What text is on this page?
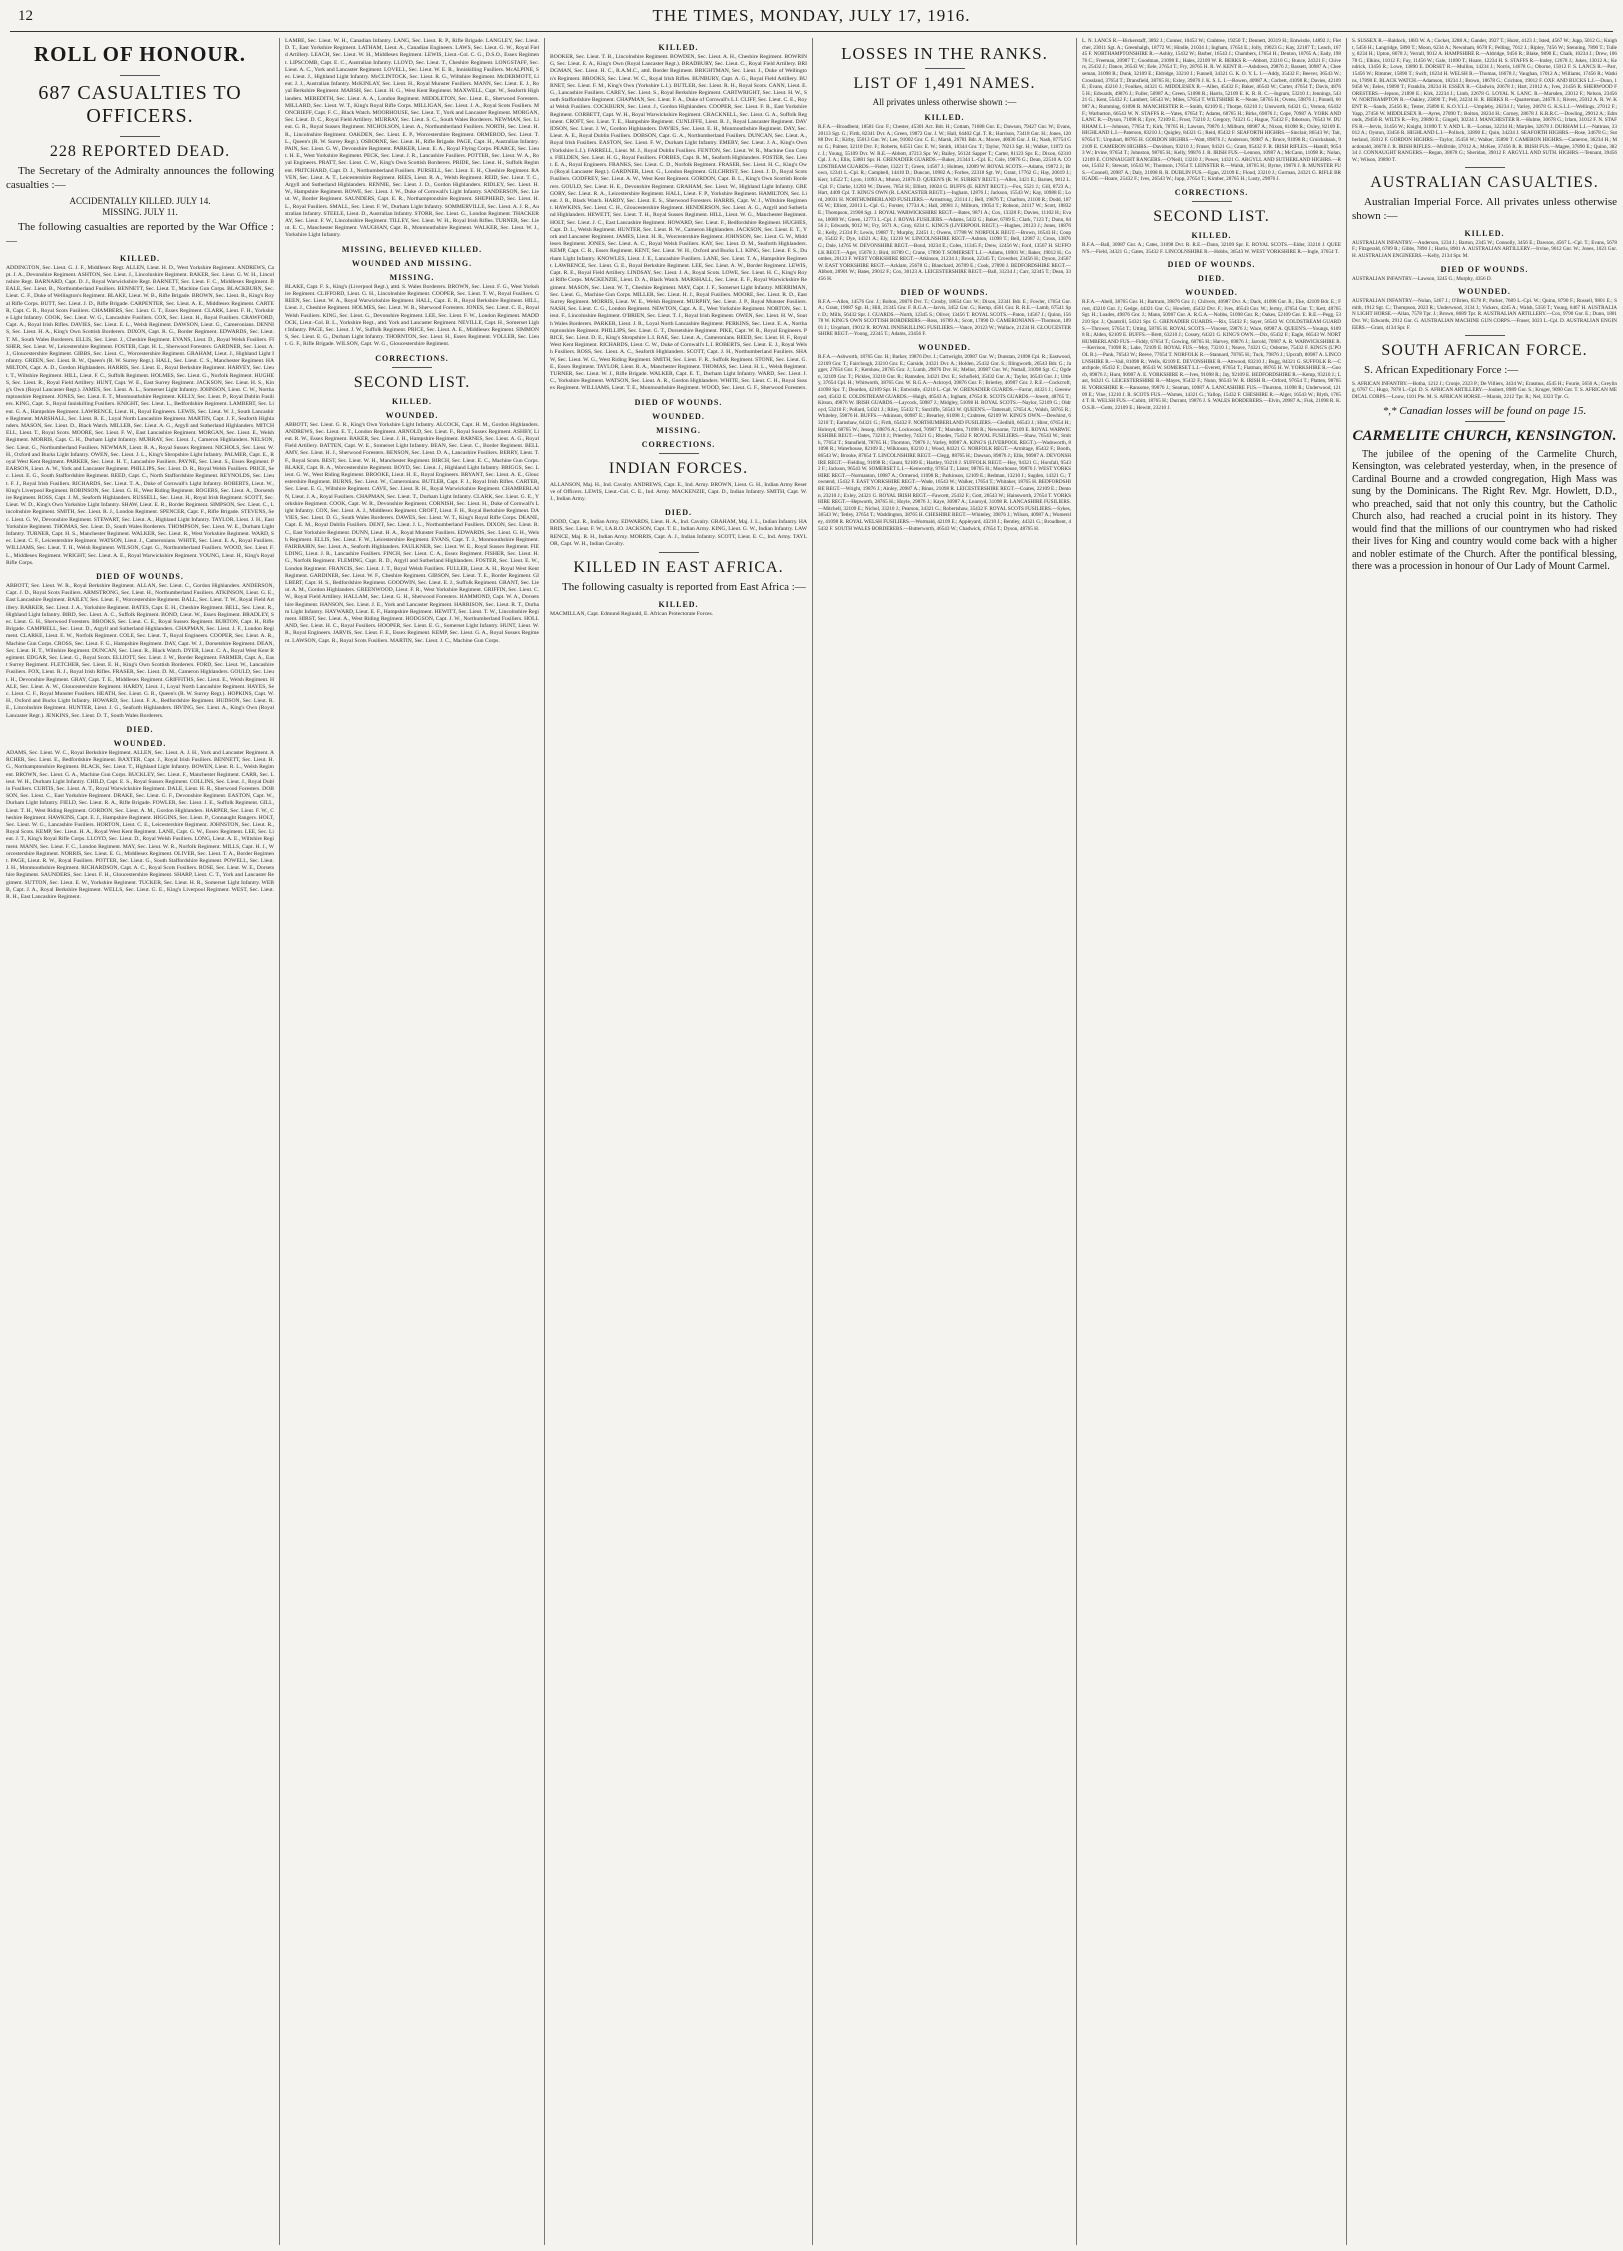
12	THE TIMES, MONDAY, JULY 17, 1916.
ROLL OF HONOUR.
687 CASUALTIES TO OFFICERS.
228 REPORTED DEAD.
The Secretary of the Admiralty announces the following casualties :—
ACCIDENTALLY KILLED. JULY 14.
MISSING. JULY 11.
The following casualties are reported by the War Office :—
KILLED.
ADDINGTON, Sec. Lieut. G. J. F., Middlesex Regt. ALLEN, Lieut. H. D., West Yorkshire Regiment. ANDREWS, Capt. J. A., Devonshire Regiment. ASHTON, Sec. Lieut. J., Lincolnshire Regiment. BAKER, Sec. Lieut. G. W. H., Lincolnshire Regt. BARNARD, Capt. D. J., Royal Warwickshire Regt. BARNETT, Sec. Lieut. F. C., Middlesex Regiment. BEALE, Sec. Lieut. B., Northumberland Fusiliers. BENNETT, Sec. Lieut. T., Machine Gun Corps. BLACKBURN, Sec. Lieut. C. F., Duke of Wellington's Regiment. BLAKE, Lieut. W. B., Rifle Brigade. BROWN, Sec. Lieut. R., King's Royal Rifle Corps. BUTT, Sec. Lieut. J. D., Rifle Brigade. CARPENTER, Sec. Lieut. A. E., Middlesex Regiment. CARTER, Capt. C. R., Royal Scots Fusiliers. CHAMBERS, Sec. Lieut. G. T., Essex Regiment. CLARK, Lieut. F. H., Yorkshire Light Infantry. COOK, Sec. Lieut. W. G., Lancashire Fusiliers. COX, Sec. Lieut. H., Royal Fusiliers. CRAWFORD, Capt. A., Royal Irish Rifles. DAVIES, Sec. Lieut. E. L., Welsh Regiment. DAWSON, Lieut. G., Cameronians. DENNIS, Sec. Lieut. H. A., King's Own Scottish Borderers. DIXON, Capt. R. G., Border Regiment. EDWARDS, Sec. Lieut. T. M., South Wales Borderers. ELLIS, Sec. Lieut. J., Cheshire Regiment. EVANS, Lieut. D., Royal Welsh Fusiliers. FISHER, Sec. Lieut. W., Leicestershire Regiment. FOSTER, Capt. H. L., Sherwood Foresters. GARDNER, Sec. Lieut. A. J., Gloucestershire Regiment. GIBBS, Sec. Lieut. C., Worcestershire Regiment. GRAHAM, Lieut. J., Highland Light Infantry. GREEN, Sec. Lieut. R. W., Queen's (R. W. Surrey Regt.). HALL, Sec. Lieut. C. S., Manchester Regiment. HAMILTON, Capt. A. D., Gordon Highlanders. HARRIS, Sec. Lieut. E., Royal Berkshire Regiment. HARVEY, Sec. Lieut. T., Wiltshire Regiment. HILL, Lieut. F. C., Suffolk Regiment. HOLMES, Sec. Lieut. G., Norfolk Regiment. HUGHES, Sec. Lieut. R., Royal Field Artillery. HUNT, Capt. W. E., East Surrey Regiment. JACKSON, Sec. Lieut. H. S., King's Own (Royal Lancaster Regt.). JAMES, Sec. Lieut. A. L., Somerset Light Infantry. JOHNSON, Lieut. C. W., Northamptonshire Regiment. JONES, Sec. Lieut. E. T., Monmouthshire Regiment. KELLY, Sec. Lieut. P., Royal Dublin Fusiliers. KING, Capt. S., Royal Inniskilling Fusiliers. KNIGHT, Sec. Lieut. L., Bedfordshire Regiment. LAMBERT, Sec. Lieut. G. A., Hampshire Regiment. LAWRENCE, Lieut. H., Royal Engineers. LEWIS, Sec. Lieut. W. J., South Lancashire Regiment. MARSHALL, Sec. Lieut. R. E., Loyal North Lancashire Regiment. MARTIN, Capt. J. F., Seaforth Highlanders. MASON, Sec. Lieut. D., Black Watch. MILLER, Sec. Lieut. A. G., Argyll and Sutherland Highlanders. MITCHELL, Lieut. T., Royal Scots. MOORE, Sec. Lieut. F. W., East Lancashire Regiment. MORGAN, Sec. Lieut. E., Welsh Regiment. MORRIS, Capt. C. H., Durham Light Infantry. MURRAY, Sec. Lieut. J., Cameron Highlanders. NELSON, Sec. Lieut. G., Northumberland Fusiliers. NEWMAN, Lieut. R. A., Royal Sussex Regiment. NICHOLS, Sec. Lieut. W. H., Oxford and Bucks Light Infantry. OWEN, Sec. Lieut. J. L., King's Shropshire Light Infantry. PALMER, Capt. E., Royal West Kent Regiment. PARKER, Sec. Lieut. H. T., Lancashire Fusiliers. PAYNE, Sec. Lieut. S., Essex Regiment. PEARSON, Lieut. A. W., York and Lancaster Regiment. PHILLIPS, Sec. Lieut. D. R., Royal Welsh Fusiliers. PRICE, Sec. Lieut. E. G., South Staffordshire Regiment. REED, Capt. C., North Staffordshire Regiment. REYNOLDS, Sec. Lieut. F. J., Royal Irish Fusiliers. RICHARDS, Sec. Lieut. T. A., Duke of Cornwall's Light Infantry. ROBERTS, Lieut. W., King's Liverpool Regiment. ROBINSON, Sec. Lieut. G. H., West Riding Regiment. ROGERS, Sec. Lieut. A., Dorsetshire Regiment. ROSS, Capt. J. M., Seaforth Highlanders. RUSSELL, Sec. Lieut. H., Royal Irish Regiment. SCOTT, Sec. Lieut. W. D., King's Own Yorkshire Light Infantry. SHAW, Lieut. E. R., Border Regiment. SIMPSON, Sec. Lieut. C., Lincolnshire Regiment. SMITH, Sec. Lieut. R. J., London Regiment. SPENCER, Capt. F., Rifle Brigade. STEVENS, Sec. Lieut. G. W., Devonshire Regiment. STEWART, Sec. Lieut. A., Highland Light Infantry. TAYLOR, Lieut. J. H., East Yorkshire Regiment. THOMAS, Sec. Lieut. D., South Wales Borderers. THOMPSON, Sec. Lieut. W. E., Durham Light Infantry. TURNER, Capt. H. S., Manchester Regiment. WALKER, Sec. Lieut. R., West Yorkshire Regiment. WARD, Sec. Lieut. C. F., Leicestershire Regiment. WATSON, Lieut. J., Cameronians. WHITE, Sec. Lieut. E. A., Royal Fusiliers. WILLIAMS, Sec. Lieut. T. H., Welsh Regiment. WILSON, Capt. G., Northumberland Fusiliers. WOOD, Sec. Lieut. F. L., Middlesex Regiment. WRIGHT, Sec. Lieut. A. E., Royal Warwickshire Regiment. YOUNG, Lieut. H., King's Royal Rifle Corps.
DIED OF WOUNDS.
ABBOTT, Sec. Lieut. W. R., Royal Berkshire Regiment. ALLAN, Sec. Lieut. C., Gordon Highlanders. ANDERSON, Capt. J. D., Royal Scots Fusiliers. ARMSTRONG, Sec. Lieut. H., Northumberland Fusiliers. ATKINSON, Lieut. G. E., East Lancashire Regiment. BAILEY, Sec. Lieut. F., Worcestershire Regiment. BALL, Sec. Lieut. T. W., Royal Field Artillery. BARKER, Sec. Lieut. J. A., Yorkshire Regiment. BATES, Capt. E. H., Cheshire Regiment. BELL, Sec. Lieut. R., Highland Light Infantry. BIRD, Sec. Lieut. A. C., Suffolk Regiment. BOND, Lieut. W., Essex Regiment. BRADLEY, Sec. Lieut. G. H., Sherwood Foresters. BROOKS, Sec. Lieut. C. E., Royal Sussex Regiment. BURTON, Capt. H., Rifle Brigade. CAMPBELL, Sec. Lieut. D., Argyll and Sutherland Highlanders. CHAPMAN, Sec. Lieut. J. F., London Regiment. CLARKE, Lieut. E. W., Norfolk Regiment. COLE, Sec. Lieut. T., Royal Engineers. COOPER, Sec. Lieut. A. R., Machine Gun Corps. CROSS, Sec. Lieut. F. G., Hampshire Regiment. DAY, Capt. W. J., Dorsetshire Regiment. DEAN, Sec. Lieut. H. T., Wiltshire Regiment. DUNCAN, Sec. Lieut. R., Black Watch. DYER, Lieut. C. A., Royal West Kent Regiment. EDGAR, Sec. Lieut. G., Royal Scots. ELLIOTT, Sec. Lieut. J. W., Border Regiment. FARMER, Capt. A., East Surrey Regiment. FLETCHER, Sec. Lieut. E. H., King's Own Scottish Borderers. FORD, Sec. Lieut. W., Lancashire Fusiliers. FOX, Lieut. R. J., Royal Irish Rifles. FRASER, Sec. Lieut. D. M., Cameron Highlanders. GOULD, Sec. Lieut. H., Devonshire Regiment. GRAY, Capt. T. E., Middlesex Regiment. GRIFFITHS, Sec. Lieut. E., Welsh Regiment. HALE, Sec. Lieut. A. W., Gloucestershire Regiment. HARDY, Lieut. J., Loyal North Lancashire Regiment. HAYES, Sec. Lieut. C. F., Royal Munster Fusiliers. HEATH, Sec. Lieut. G. R., Queen's (R. W. Surrey Regt.). HOPKINS, Capt. W. H., Oxford and Bucks Light Infantry. HOWARD, Sec. Lieut. F. A., Bedfordshire Regiment. HUDSON, Sec. Lieut. R. E., Lincolnshire Regiment. HUNTER, Lieut. J. G., Seaforth Highlanders. IRVING, Sec. Lieut. A., King's Own (Royal Lancaster Regt.). JENKINS, Sec. Lieut. D. T., South Wales Borderers.
DIED.
WOUNDED.
ADAMS, Sec. Lieut. W. C., Royal Berkshire Regiment. ALLEN, Sec. Lieut. A. J. H., York and Lancaster Regiment. ARCHER, Sec. Lieut. E., Bedfordshire Regiment. BAXTER, Capt. J., Royal Irish Fusiliers. BENNETT, Sec. Lieut. H. G., Northamptonshire Regiment. BLACK, Sec. Lieut. T., Highland Light Infantry. BOWEN, Lieut. R. L., Welsh Regiment. BROWN, Sec. Lieut. G. A., Machine Gun Corps. BUCKLEY, Sec. Lieut. F., Manchester Regiment. CARR, Sec. Lieut. W. H., Durham Light Infantry. CHILD, Capt. E. S., Royal Sussex Regiment. COLLINS, Sec. Lieut. J., Royal Dublin Fusiliers. CURTIS, Sec. Lieut. A. T., Royal Warwickshire Regiment. DALE, Lieut. H. R., Sherwood Foresters. DOBSON, Sec. Lieut. C., East Yorkshire Regiment. DRAKE, Sec. Lieut. G. F., Devonshire Regiment. EASTON, Capt. W., Durham Light Infantry. FIELD, Sec. Lieut. R. A., Rifle Brigade. FOWLER, Sec. Lieut. J. E., Suffolk Regiment. GILL, Lieut. T. H., West Riding Regiment. GORDON, Sec. Lieut. A. M., Gordon Highlanders. HARPER, Sec. Lieut. F. W., Cheshire Regiment. HAWKINS, Capt. E. J., Hampshire Regiment. HIGGINS, Sec. Lieut. P., Connaught Rangers. HOLT, Sec. Lieut. W. G., Lancashire Fusiliers. HORTON, Lieut. C. E., Leicestershire Regiment. JOHNSTON, Sec. Lieut. R., Royal Scots. KEMP, Sec. Lieut. H. A., Royal West Kent Regiment. LANE, Capt. G. W., Essex Regiment. LEE, Sec. Lieut. J. T., King's Royal Rifle Corps. LLOYD, Sec. Lieut. D., Royal Welsh Fusiliers. LONG, Lieut. A. E., Wiltshire Regiment. MANN, Sec. Lieut. F. C., London Regiment. MAY, Sec. Lieut. W. R., Norfolk Regiment. MILLS, Capt. H. J., Worcestershire Regiment. NORRIS, Sec. Lieut. E. G., Middlesex Regiment. OLIVER, Sec. Lieut. T. A., Border Regiment. PAGE, Lieut. R. W., Royal Fusiliers. POTTER, Sec. Lieut. G., South Staffordshire Regiment. POWELL, Sec. Lieut. J. H., Monmouthshire Regiment. RICHARDSON, Capt. A. C., Royal Scots Fusiliers. ROSE, Sec. Lieut. W. E., Dorsetshire Regiment. SAUNDERS, Sec. Lieut. F. H., Gloucestershire Regiment. SHARP, Lieut. C. T., York and Lancaster Regiment. SUTTON, Sec. Lieut. E. W., Yorkshire Regiment. TUCKER, Sec. Lieut. H. R., Somerset Light Infantry. WEBB, Capt. J. A., Royal Berkshire Regiment. WELLS, Sec. Lieut. G. E., King's Liverpool Regiment. WEST, Sec. Lieut. R. H., East Lancashire Regiment.
LAMBE, Sec. Lieut. W. H., Canadian Infantry. LANG, Sec. Lieut. R. P., Rifle Brigade. LANGLEY, Sec. Lieut. D. T., East Yorkshire Regiment. LATHAM, Lieut. A., Canadian Engineers. LAWS, Sec. Lieut. G. W., Royal Field Artillery. LEACH, Sec. Lieut. W. H., Middlesex Regiment. LEWIS, Lieut.-Col. C. G., D.S.O., Essex Regiment. LIPSCOMB, Capt. E. C., Australian Infantry. LLOYD, Sec. Lieut. T., Cheshire Regiment. LONGSTAFF, Sec. Lieut. A. C., York and Lancaster Regiment. LOVELL, Sec. Lieut. W. E. R., Inniskilling Fusiliers. McALPINE, Sec. Lieut. J., Highland Light Infantry. McCLINTOCK, Sec. Lieut. R. G., Wiltshire Regiment. McDERMOTT, Lieut. J. J., Australian Infantry. McKINLAY, Sec. Lieut. H., Royal Munster Fusiliers. MANN, Sec. Lieut. E. J., Royal Berkshire Regiment. MARSH, Sec. Lieut. H. G., West Kent Regiment. MAXWELL, Capt. W., Seaforth Highlanders. MEREDITH, Sec. Lieut. A. A., London Regiment. MIDDLETON, Sec. Lieut. E., Sherwood Foresters. MILLARD, Sec. Lieut. W. T., King's Royal Rifle Corps. MILLIGAN, Sec. Lieut. J. A., Royal Scots Fusiliers. MONCRIEFF, Capt. F. C., Black Watch. MOORHOUSE, Sec. Lieut. T., York and Lancaster Regiment. MORGAN, Sec. Lieut. D. C., Royal Field Artillery. MURRAY, Sec. Lieut. S. C., South Wales Borderers. NEWMAN, Sec. Lieut. G. R., Royal Sussex Regiment. NICHOLSON, Lieut. A., Northumberland Fusiliers. NORTH, Sec. Lieut. H. R., Lincolnshire Regiment. OAKDEN, Sec. Lieut. E. P., Worcestershire Regiment. ORMEROD, Sec. Lieut. T. L., Queen's (R. W. Surrey Regt.). OSBORNE, Sec. Lieut. H., Rifle Brigade. PAGE, Capt. H., Australian Infantry. PAIN, Sec. Lieut. G. W., Devonshire Regiment. PARKER, Lieut. E. A., Royal Flying Corps. PEARCE, Sec. Lieut. H. E., West Yorkshire Regiment. PECK, Sec. Lieut. J. R., Lancashire Fusiliers. POTTER, Sec. Lieut. W. A., Royal Engineers. PRATT, Sec. Lieut. C. W., King's Own Scottish Borderers. PRIDE, Sec. Lieut. H., Suffolk Regiment. PRITCHARD, Capt. D. J., Northumberland Fusiliers. PURSELL, Sec. Lieut. E. H., Cheshire Regiment. RAVEN, Sec. Lieut. A. T., Leicestershire Regiment. REES, Lieut. R. A., Welsh Regiment. REID, Sec. Lieut. T. C., Argyll and Sutherland Highlanders. RENNIE, Sec. Lieut. J. D., Gordon Highlanders. RIDLEY, Sec. Lieut. H. W., Hampshire Regiment. ROWE, Sec. Lieut. J. W., Duke of Cornwall's Light Infantry. SANDERSON, Sec. Lieut. W., Border Regiment. SAUNDERS, Capt. E. R., Northamptonshire Regiment. SHEPHERD, Sec. Lieut. H. L., Royal Fusiliers. SMALL, Sec. Lieut. F. W., Durham Light Infantry. SOMMERVILLE, Sec. Lieut. A. J. R., Australian Infantry. STEELE, Lieut. D., Australian Infantry. STORR, Sec. Lieut. G., London Regiment. THACKERAY, Sec. Lieut. F. W., Lincolnshire Regiment. TILLEY, Sec. Lieut. W. H., Royal Irish Rifles. TURNER, Sec. Lieut. E. C., Manchester Regiment. VAUGHAN, Capt. R., Monmouthshire Regiment. WALKER, Sec. Lieut. W. J., Yorkshire Light Infantry.
MISSING, BELIEVED KILLED.
WOUNDED AND MISSING.
MISSING.
BLAKE, Capt. F. S., King's (Liverpool Regt.), attd. S. Wales Borderers. BROWN, Sec. Lieut. F. G., West Yorkshire Regiment. CLIFFORD, Lieut. G. H., Lincolnshire Regiment. COOPER, Sec. Lieut. T. W., Royal Fusiliers. GREEN, Sec. Lieut. W. A., Royal Warwickshire Regiment. HALL, Capt. E. R., Royal Berkshire Regiment. HILL, Lieut. J., Cheshire Regiment. HOLMES, Sec. Lieut. W. R., Sherwood Foresters. JONES, Sec. Lieut. C. E., Royal Welsh Fusiliers. KING, Sec. Lieut. G., Devonshire Regiment. LEE, Sec. Lieut. F. W., London Regiment. MADDOCK, Lieut.-Col. B. L., Yorkshire Regt., attd. York and Lancaster Regiment. NEVILLE, Capt. H., Somerset Light Infantry. PAGE, Sec. Lieut. J. W., Suffolk Regiment. PRICE, Sec. Lieut. A. E., Middlesex Regiment. SIMMONS, Sec. Lieut. E. G., Durham Light Infantry. THORNTON, Sec. Lieut. H., Essex Regiment. VOLLER, Sec. Lieut. G. F., Rifle Brigade. WILSON, Capt. W. G., Gloucestershire Regiment.
CORRECTIONS.
SECOND LIST.
KILLED.
WOUNDED.
ABBOTT, Sec. Lieut. G. R., King's Own Yorkshire Light Infantry. ALCOCK, Capt. H. M., Gordon Highlanders. ANDREWS, Sec. Lieut. E. T., London Regiment. ARNOLD, Sec. Lieut. F., Royal Sussex Regiment. ASHBY, Lieut. R. W., Essex Regiment. BAKER, Sec. Lieut. J. H., Hampshire Regiment. BARNES, Sec. Lieut. A. G., Royal Field Artillery. BATTEN, Capt. W. E., Somerset Light Infantry. BEAN, Sec. Lieut. C., Border Regiment. BELLAMY, Sec. Lieut. H. J., Sherwood Foresters. BENSON, Sec. Lieut. D. A., Lancashire Fusiliers. BERRY, Lieut. T. F., Royal Scots. BEST, Sec. Lieut. W. H., Manchester Regiment. BIRCH, Sec. Lieut. E. C., Machine Gun Corps. BLAKE, Capt. R. A., Worcestershire Regiment. BOYD, Sec. Lieut. J., Highland Light Infantry. BRIGGS, Sec. Lieut. G. W., West Riding Regiment. BROOKE, Lieut. H. E., Royal Engineers. BRYANT, Sec. Lieut. A. E., Gloucestershire Regiment. BURNS, Sec. Lieut. W., Cameronians. BUTLER, Capt. F. J., Royal Irish Rifles. CARTER, Sec. Lieut. E. G., Wiltshire Regiment. CAVE, Sec. Lieut. R. H., Royal Warwickshire Regiment. CHAMBERLAIN, Lieut. J. A., Royal Fusiliers. CHAPMAN, Sec. Lieut. T., Durham Light Infantry. CLARK, Sec. Lieut. G. E., Yorkshire Regiment. COOK, Capt. W. R., Devonshire Regiment. CORNISH, Sec. Lieut. H., Duke of Cornwall's Light Infantry. COX, Sec. Lieut. A. J., Middlesex Regiment. CROFT, Lieut. F. H., Royal Berkshire Regiment. DAVIES, Sec. Lieut. D. G., South Wales Borderers. DAWES, Sec. Lieut. W. T., King's Royal Rifle Corps. DEANE, Capt. E. M., Royal Dublin Fusiliers. DENT, Sec. Lieut. J. L., Northumberland Fusiliers. DIXON, Sec. Lieut. R. C., East Yorkshire Regiment. DUNN, Lieut. H. A., Royal Munster Fusiliers. EDWARDS, Sec. Lieut. G. H., Welsh Regiment. ELLIS, Sec. Lieut. F. W., Leicestershire Regiment. EVANS, Capt. T. J., Monmouthshire Regiment. FAIRBAIRN, Sec. Lieut. A., Seaforth Highlanders. FAULKNER, Sec. Lieut. W. E., Royal Sussex Regiment. FIELDING, Lieut. J. R., Lancashire Fusiliers. FINCH, Sec. Lieut. C. A., Essex Regiment. FISHER, Sec. Lieut. H. G., Norfolk Regiment. FLEMING, Capt. R. D., Argyll and Sutherland Highlanders. FOSTER, Sec. Lieut. E. W., London Regiment. FRANCIS, Sec. Lieut. J. T., Royal Welsh Fusiliers. FULLER, Lieut. A. H., Royal West Kent Regiment. GARDINER, Sec. Lieut. W. F., Cheshire Regiment. GIBSON, Sec. Lieut. T. E., Border Regiment. GILBERT, Capt. H. S., Bedfordshire Regiment. GOODWIN, Sec. Lieut. E. J., Suffolk Regiment. GRANT, Sec. Lieut. A. M., Gordon Highlanders. GREENWOOD, Lieut. F. R., West Yorkshire Regiment. GRIFFIN, Sec. Lieut. C. W., Royal Field Artillery. HALLAM, Sec. Lieut. G. H., Sherwood Foresters. HAMMOND, Capt. W. A., Dorsetshire Regiment. HANSON, Sec. Lieut. J. E., York and Lancaster Regiment. HARRISON, Sec. Lieut. R. T., Durham Light Infantry. HAYWARD, Lieut. E. F., Hampshire Regiment. HEWITT, Sec. Lieut. T. W., Lincolnshire Regiment. HIRST, Sec. Lieut. A., West Riding Regiment. HODGSON, Capt. J. W., Northumberland Fusiliers. HOLLAND, Sec. Lieut. H. C., Royal Fusiliers. HOOPER, Sec. Lieut. E. G., Somerset Light Infantry. HUNT, Lieut. W. R., Royal Engineers. JARVIS, Sec. Lieut. F. E., Essex Regiment. KEMP, Sec. Lieut. G. A., Royal Sussex Regiment. LAWSON, Capt. R., Royal Scots Fusiliers. MARTIN, Sec. Lieut. J. C., Machine Gun Corps.
KILLED.
BOOKER, Sec. Lieut. T. B., Lincolnshire Regiment. BOWDEN, Sec. Lieut. A. H., Cheshire Regiment. BOWRING, Sec. Lieut. E. A., King's Own (Royal Lancaster Regt.). BRADBURY, Sec. Lieut. C., Royal Field Artillery. BRIDGMAN, Sec. Lieut. H. C., R.A.M.C., attd. Border Regiment. BRIGHTMAN, Sec. Lieut. J., Duke of Wellington's Regiment. BROOKS, Sec. Lieut. W. C., Royal Irish Rifles. BUNBURY, Capt. A. G., Royal Field Artillery. BURNET, Sec. Lieut. F. M., King's Own (Yorkshire L.I.). BUTLER, Sec. Lieut. R. H., Royal Scots. CANN, Lieut. E. G., Lancashire Fusiliers. CAREY, Sec. Lieut. S., Royal Berkshire Regiment. CARTWRIGHT, Sec. Lieut. H. W., South Staffordshire Regiment. CHAPMAN, Sec. Lieut. F. A., Duke of Cornwall's L.I. CLIFF, Sec. Lieut. C. E., Royal Welsh Fusiliers. COCKBURN, Sec. Lieut. J., Gordon Highlanders. COOPER, Sec. Lieut. F. R., East Yorkshire Regiment. CORBETT, Capt. W. H., Royal Warwickshire Regiment. CRACKNELL, Sec. Lieut. G. A., Suffolk Regiment. CROFT, Sec. Lieut. T. E., Hampshire Regiment. CUNLIFFE, Lieut. R. J., Royal Lancaster Regiment. DAVIDSON, Sec. Lieut. J. W., Gordon Highlanders. DAVIES, Sec. Lieut. E. H., Monmouthshire Regiment. DAY, Sec. Lieut. A. E., Royal Dublin Fusiliers. DOBSON, Capt. G. A., Northumberland Fusiliers. DUNCAN, Sec. Lieut. A., Royal Irish Fusiliers. EASTON, Sec. Lieut. F. W., Durham Light Infantry. EMERY, Sec. Lieut. J. A., King's Own (Yorkshire L.I.). FARRELL, Lieut. M. J., Royal Dublin Fusiliers. FENTON, Sec. Lieut. W. R., Machine Gun Corps. FIELDEN, Sec. Lieut. H. G., Royal Fusiliers. FORBES, Capt. R. M., Seaforth Highlanders. FOSTER, Sec. Lieut. E. A., Royal Engineers. FRANKS, Sec. Lieut. C. D., Norfolk Regiment. FRASER, Sec. Lieut. H. C., King's Own (Royal Lancaster Regt.). GARDNER, Lieut. G., London Regiment. GILCHRIST, Sec. Lieut. J. D., Royal Scots Fusiliers. GODFREY, Sec. Lieut. A. W., West Kent Regiment. GORDON, Capt. B. L., King's Own Scottish Borderers. GOULD, Sec. Lieut. H. E., Devonshire Regiment. GRAHAM, Sec. Lieut. W., Highland Light Infantry. GREGORY, Sec. Lieut. R. A., Leicestershire Regiment. HALL, Lieut. F. P., Yorkshire Regiment. HAMILTON, Sec. Lieut. J. R., Black Watch. HARDY, Sec. Lieut. E. S., Sherwood Foresters. HARRIS, Capt. W. J., Wiltshire Regiment. HAWKINS, Sec. Lieut. C. H., Gloucestershire Regiment. HENDERSON, Sec. Lieut. A. G., Argyll and Sutherland Highlanders. HEWETT, Sec. Lieut. T. H., Royal Sussex Regiment. HILL, Lieut. W. G., Manchester Regiment. HOLT, Sec. Lieut. J. C., East Lancashire Regiment. HOWARD, Sec. Lieut. F., Bedfordshire Regiment. HUGHES, Capt. D. L., Welsh Regiment. HUNTER, Sec. Lieut. R. W., Cameron Highlanders. JACKSON, Sec. Lieut. E. T., York and Lancaster Regiment. JAMES, Lieut. H. R., Worcestershire Regiment. JOHNSON, Sec. Lieut. G. W., Middlesex Regiment. JONES, Sec. Lieut. A. C., Royal Welsh Fusiliers. KAY, Sec. Lieut. D. M., Seaforth Highlanders. KEMP, Capt. C. R., Essex Regiment. KENT, Sec. Lieut. W. H., Oxford and Bucks L.I. KING, Sec. Lieut. F. S., Durham Light Infantry. KNOWLES, Lieut. J. E., Lancashire Fusiliers. LANE, Sec. Lieut. T. A., Hampshire Regiment. LAWRENCE, Sec. Lieut. G. E., Royal Berkshire Regiment. LEE, Sec. Lieut. A. W., Border Regiment. LEWIS, Capt. R. E., Royal Field Artillery. LINDSAY, Sec. Lieut. J. A., Royal Scots. LOWE, Sec. Lieut. H. C., King's Royal Rifle Corps. MACKENZIE, Lieut. D. A., Black Watch. MARSHALL, Sec. Lieut. E. F., Royal Warwickshire Regiment. MASON, Sec. Lieut. W. T., Cheshire Regiment. MAY, Capt. J. F., Somerset Light Infantry. MERRIMAN, Sec. Lieut. G., Machine Gun Corps. MILLER, Sec. Lieut. H. J., Royal Fusiliers. MOORE, Sec. Lieut. R. D., East Surrey Regiment. MORRIS, Lieut. W. E., Welsh Regiment. MURPHY, Sec. Lieut. J. P., Royal Munster Fusiliers. NASH, Sec. Lieut. C. G., London Regiment. NEWTON, Capt. A. E., West Yorkshire Regiment. NORTON, Sec. Lieut. F., Lincolnshire Regiment. O'BRIEN, Sec. Lieut. T. J., Royal Irish Regiment. OWEN, Sec. Lieut. H. W., South Wales Borderers. PARKER, Lieut. J. R., Loyal North Lancashire Regiment. PERKINS, Sec. Lieut. E. A., Northamptonshire Regiment. PHILLIPS, Sec. Lieut. G. T., Dorsetshire Regiment. PIKE, Capt. W. R., Royal Engineers. PRICE, Sec. Lieut. D. E., King's Shropshire L.I. RAE, Sec. Lieut. A., Cameronians. REED, Sec. Lieut. H. F., Royal West Kent Regiment. RICHARDS, Lieut. C. W., Duke of Cornwall's L.I. ROBERTS, Sec. Lieut. E. J., Royal Welsh Fusiliers. ROSS, Sec. Lieut. A. C., Seaforth Highlanders. SCOTT, Capt. J. H., Northumberland Fusiliers. SHAW, Sec. Lieut. W. G., West Riding Regiment. SMITH, Sec. Lieut. F. R., Suffolk Regiment. STONE, Sec. Lieut. G. E., Essex Regiment. TAYLOR, Lieut. R. A., Manchester Regiment. THOMAS, Sec. Lieut. H. L., Welsh Regiment. TURNER, Sec. Lieut. W. J., Rifle Brigade. WALKER, Capt. E. T., Durham Light Infantry. WARD, Sec. Lieut. J. C., Yorkshire Regiment. WATSON, Sec. Lieut. A. R., Gordon Highlanders. WHITE, Sec. Lieut. C. H., Royal Sussex Regiment. WILLIAMS, Lieut. T. E., Monmouthshire Regiment. WOOD, Sec. Lieut. G. F., Sherwood Foresters.
DIED OF WOUNDS.
WOUNDED.
MISSING.
CORRECTIONS.
INDIAN FORCES.
ALLANSON, Maj. H., Ind. Cavalry. ANDREWS, Capt. E., Ind. Army. BROWN, Lieut. G. H., Indian Army Reserve of Officers. LEWIS, Lieut.-Col. C. E., Ind. Army. MACKENZIE, Capt. D., Indian Infantry. SMITH, Capt. W. J., Indian Army.
DIED.
DODD, Capt. R., Indian Army. EDWARDS, Lieut. H. A., Ind. Cavalry. GRAHAM, Maj. J. L., Indian Infantry. HARRIS, Sec. Lieut. F. W., I.A.R.O. JACKSON, Capt. T. E., Indian Army. KING, Lieut. G. W., Indian Infantry. LAWRENCE, Maj. R. H., Indian Army. MORRIS, Capt. A. J., Indian Infantry. SCOTT, Lieut. E. C., Ind. Army. TAYLOR, Capt. W. H., Indian Cavalry.
KILLED IN EAST AFRICA.
The following casualty is reported from East Africa :—
KILLED.
MACMILLAN, Capt. Edmund Reginald, E. African Protectorate Forces.
LOSSES IN THE RANKS.
LIST OF 1,491 NAMES.
All privates unless otherwise shown :—
KILLED.
R.F.A.—Broadbent, 18581 Gnr. F.; Chester, 45301 Act. Bdr. H.; Cottam, 71688 Gnr. E.; Dawson, 79427 Gnr. W.; Evans, 20113 Sgt. G.; Firth, 82341 Dvr. A.; Green, 19872 Gnr. J. W.; Hall, 64402 Cpl. T. R.; Harrison, 73418 Gnr. H.; Jones, 12088 Dvr. E.; Kirby, 55013 Gnr. W.; Lee, 91002 Gnr. C. E.; Marsh, 26781 Bdr. A.; Moore, 40036 Gnr. J. H.; Nash, 87754 Gnr. G.; Palmer, 32110 Dvr. F.; Roberts, 64551 Gnr. E. W.; Smith, 18344 Gnr. T.; Taylor, 70213 Sgt. H.; Walker, 11872 Gnr. J.; Young, 55109 Dvr. W. R.E.—Abbott, 47213 Spr. W.; Bailey, 56124 Sapper T.; Carter, 81123 Spr. E.; Dixon, 62310 Cpl. J. A.; Ellis, 53881 Spr. H. GRENADIER GUARDS.—Baker, 21344 L.-Cpl. E.; Cole, 19876 G.; Dean, 22510 A. COLDSTREAM GUARDS.—Fisher, 13221 T.; Green, 14567 J.; Holmes, 12009 W. ROYAL SCOTS.—Adams, 19872 J.; Brown, 12341 L.-Cpl. R.; Campbell, 14410 D.; Duncan, 10982 A.; Forbes, 22318 Sgt. W.; Grant, 17762 G.; Hay, 20019 J.; Kerr, 14522 T.; Lyon, 11093 A.; Munro, 21876 D. QUEEN'S (R. W. SURREY REGT.).—Allen, 3421 E.; Barnes, 9812 L.-Cpl. F.; Clarke, 11203 W.; Dawes, 7654 H.; Elliott, 10024 G. BUFFS (E. KENT REGT.).—Fox, 5521 J.; Gill, 8723 A.; Hart, 4409 Cpl. T. KING'S OWN (R. LANCASTER REGT.).—Ingham, 12876 J.; Jackson, 15543 W.; Kay, 10988 E.; Lord, 20031 H. NORTHUMBERLAND FUSILIERS.—Armstrong, 23114 J.; Bell, 19876 T.; Charlton, 21100 R.; Dodd, 18765 W.; Elliott, 22013 L.-Cpl. G.; Forster, 17734 A.; Hall, 20981 J.; Milburn, 19054 T.; Robson, 24117 W.; Scott, 18832 E.; Thompson, 21908 Sgt. J. ROYAL WARWICKSHIRE REGT.—Bates, 9871 A.; Cox, 13328 F.; Davies, 11102 H.; Evans, 10089 W.; Green, 12773 L.-Cpl. J. ROYAL FUSILIERS.—Adams, 5432 G.; Baker, 6789 E.; Clark, 7123 T.; Dunn, 8456 J.; Edwards, 9012 W.; Fry, 5671 A.; Gray, 6234 C. KING'S (LIVERPOOL REGT.).—Hughes, 20123 J.; Jones, 18876 E.; Kelly, 21334 P.; Lewis, 19087 T.; Murphy, 22451 J.; Owens, 17788 W. NORFOLK REGT.—Brown, 16543 H.; Cooper, 15432 F.; Dye, 14321 A.; Ely, 13210 W. LINCOLNSHIRE REGT.—Ashton, 11098 T.; Bell, 12987 J.; Cross, 13876 G.; Dale, 14765 W. DEVONSHIRE REGT.—Bond, 10234 E.; Coles, 11345 F.; Drew, 12456 W.; Ford, 13567 H. SUFFOLK REGT.—Ager, 15678 J.; Bird, 16789 C.; Crane, 17890 T. SOMERSET L.I.—Adams, 18901 W.; Baker, 19012 H.; Coombes, 20123 F. WEST YORKSHIRE REGT.—Atkinson, 21234 J.; Brook, 22345 T.; Crowther, 23456 H.; Dyson, 24567 W. EAST YORKSHIRE REGT.—Acklam, 25678 G.; Blanchard, 26789 E.; Cook, 27890 J. BEDFORDSHIRE REGT.—Abbott, 28901 W.; Bates, 29012 F.; Cox, 30123 A. LEICESTERSHIRE REGT.—Ball, 31234 J.; Carr, 32345 T.; Dean, 33456 H.
DIED OF WOUNDS.
R.F.A.—Allen, 14576 Gnr. J.; Bolton, 20876 Dvr. T.; Crosby, 18654 Gnr. W.; Dixon, 22341 Bdr. E.; Fowler, 17654 Gnr. A.; Grant, 19087 Sgt. H.; Hill, 21345 Gnr. F. R.G.A.—Jarvis, 3452 Gnr. G.; Kemp, 4561 Gnr. R. R.E.—Lamb, 67541 Spr. D.; Mills, 56432 Spr. J. GUARDS.—North, 12345 S.; Oliver, 13456 T. ROYAL SCOTS.—Paton, 14567 J.; Quinn, 15678 W. KING'S OWN SCOTTISH BORDERERS.—Ross, 16789 A.; Scott, 17890 D. CAMERONIANS.—Thomson, 18901 J.; Urquhart, 19012 R. ROYAL INNISKILLING FUSILIERS.—Vance, 20123 W.; Wallace, 21234 H. GLOUCESTERSHIRE REGT.—Young, 22345 T.; Adams, 23456 F.
WOUNDED.
R.F.A.—Ashworth, 18765 Gnr. H.; Barker, 19876 Dvr. J.; Cartwright, 20987 Gnr. W.; Dunstan, 21098 Cpl. R.; Eastwood, 22109 Gnr. T.; Fairclough, 23210 Gnr. E.; Garside, 24321 Dvr. A.; Holden, 25432 Gnr. S.; Illingworth, 26543 Bdr. G.; Jagger, 27654 Gnr. F.; Kershaw, 28765 Gnr. J.; Lumb, 29876 Dvr. H.; Mellor, 30987 Gnr. W.; Nuttall, 31098 Sgt. C.; Ogden, 32109 Gnr. T.; Pickles, 33210 Gnr. R.; Ramsden, 34321 Dvr. E.; Schofield, 35432 Gnr. A.; Taylor, 36543 Gnr. J.; Uttley, 37654 Cpl. H.; Whitworth, 38765 Gnr. W. R.G.A.—Ackroyd, 39876 Gnr. F.; Brierley, 40987 Gnr. J. R.E.—Cockcroft, 41098 Spr. T.; Dearden, 42109 Spr. H.; Entwistle, 43210 L.-Cpl. W. GRENADIER GUARDS.—Farrar, 44321 J.; Greenwood, 45432 E. COLDSTREAM GUARDS.—Haigh, 46543 A.; Ingham, 47654 R. SCOTS GUARDS.—Jowett, 48765 T.; Kitson, 49876 W. IRISH GUARDS.—Laycock, 50987 J.; Midgley, 51098 H. ROYAL SCOTS.—Naylor, 52109 G.; Oldroyd, 53210 F.; Pollard, 54321 J.; Riley, 55432 T.; Sutcliffe, 56543 W. QUEEN'S.—Tattersall, 57654 A.; Walsh, 58765 R.; Whiteley, 59876 H. BUFFS.—Atkinson, 60987 E.; Brearley, 61098 J.; Crabtree, 62109 W. KING'S OWN.—Dewhirst, 63210 T.; Earnshaw, 64321 G.; Firth, 65432 F. NORTHUMBERLAND FUSILIERS.—Gledhill, 66543 J.; Hirst, 67654 H.; Holroyd, 68765 W.; Jessop, 69876 A.; Lockwood, 70987 T.; Marsden, 71098 R.; Newsome, 72109 E. ROYAL WARWICKSHIRE REGT.—Oates, 73210 J.; Priestley, 74321 G.; Rhodes, 75432 F. ROYAL FUSILIERS.—Shaw, 76543 W.; Smith, 77654 T.; Stansfield, 78765 H.; Thornton, 79876 J.; Varley, 80987 A. KING'S (LIVERPOOL REGT.).—Wadsworth, 81098 R.; Waterhouse, 82109 E.; Wilkinson, 83210 J.; Wood, 84321 G. NORFOLK REGT.—Armitage, 85432 F.; Booth, 86543 W.; Brooke, 87654 T. LINCOLNSHIRE REGT.—Clegg, 88765 H.; Dawson, 89876 J.; Ellis, 90987 A. DEVONSHIRE REGT.—Fielding, 91098 R.; Gaunt, 92109 E.; Hartley, 93210 J. SUFFOLK REGT.—Hey, 94321 G.; Horsfall, 95432 F.; Jackson, 96543 W. SOMERSET L.I.—Kenworthy, 97654 T.; Lister, 98765 H.; Moorhouse, 99876 J. WEST YORKSHIRE REGT.—Normanton, 10987 A.; Ormerod, 11098 R.; Parkinson, 12109 E.; Redman, 13210 J.; Sugden, 14321 G.; Townend, 15432 F. EAST YORKSHIRE REGT.—Wade, 16543 W.; Walker, 17654 T.; Whitaker, 18765 H. BEDFORDSHIRE REGT.—Wright, 19876 J.; Ainley, 20987 A.; Binns, 21098 R. LEICESTERSHIRE REGT.—Coates, 22109 E.; Denton, 23210 J.; Exley, 24321 G. ROYAL IRISH REGT.—Fawcett, 25432 F.; Gott, 26543 W.; Hainsworth, 27654 T. YORKSHIRE REGT.—Hepworth, 28765 H.; Hoyle, 29876 J.; Kaye, 30987 A.; Learoyd, 31098 R. LANCASHIRE FUSILIERS.—Mitchell, 32109 E.; Nichol, 33210 J.; Pearson, 34321 G.; Robertshaw, 35432 F. ROYAL SCOTS FUSILIERS.—Sykes, 36543 W.; Tetley, 37654 T.; Waddington, 38765 H. CHESHIRE REGT.—Whiteley, 39876 J.; Wilson, 40987 A.; Womersley, 41098 R. ROYAL WELSH FUSILIERS.—Wormald, 42109 E.; Appleyard, 43210 J.; Bentley, 44321 G.; Broadbent, 45432 F. SOUTH WALES BORDERERS.—Butterworth, 46543 W.; Chadwick, 47654 T.; Dyson, 48765 H.
L. N. LANCS R.—Bickerstaff, 3892 J.; Conner, 10453 W.; Crabtree, 19250 T.; Dennett, 20319 H.; Entwistle, 14892 J.; Fletcher, 23011 Sgt. A.; Greenhalgh, 18772 W.; Hindle, 21034 J.; Ingham, 17654 E.; Jolly, 19023 G.; Kay, 22187 T.; Leach, 16745 F. NORTHAMPTONSHIRE R.—Ashby, 15432 W.; Barber, 16543 J.; Chambers, 17654 H.; Denton, 18765 A.; Eady, 19876 C.; Freeman, 20987 T.; Goodman, 21098 E.; Hales, 22109 W. R. BERKS R.—Abbott, 23210 G.; Bunce, 24321 F.; Chivers, 25432 J.; Dance, 26543 W.; Eele, 27654 T.; Fry, 28765 H. R. W. KENT R.—Ashdown, 29876 J.; Bassett, 30987 A.; Cheeseman, 31098 R.; Dunk, 32109 E.; Eldridge, 33210 J.; Funnell, 34321 G. K. O. Y. L. I.—Addy, 35432 F.; Beever, 36543 W.; Crossland, 37654 T.; Dransfield, 38765 H.; Exley, 39876 J. K. S. L. I.—Bowen, 40987 A.; Corbett, 41098 R.; Davies, 42109 E.; Evans, 43210 J.; Foulkes, 44321 G. MIDDLESEX R.—Allen, 45432 F.; Baker, 46543 W.; Carter, 47654 T.; Davis, 48765 H.; Edwards, 49876 J.; Fuller, 50987 A.; Green, 51098 R.; Harris, 52109 E. K. R. R. C.—Ingram, 53210 J.; Jennings, 54321 G.; Kent, 55432 F.; Lambert, 56543 W.; Miles, 57654 T. WILTSHIRE R.—Neate, 58765 H.; Ovens, 59876 J.; Pinnell, 60987 A.; Rumming, 61098 R. MANCHESTER R.—Smith, 62109 E.; Thorpe, 63210 J.; Unsworth, 64321 G.; Vernon, 65432 F.; Warburton, 66543 W. N. STAFFS R.—Yates, 67654 T.; Adams, 68765 H.; Birks, 69876 J.; Cope, 70987 A. YORK AND LANC R.—Dyson, 71098 R.; Eyre, 72109 E.; Frost, 73210 J.; Gregory, 74321 G.; Hague, 75432 F.; Ibbotson, 76543 W. DURHAM L.I.—Johnson, 77654 T.; Kirk, 78765 H.; Lawson, 79876 J.; Milburn, 80987 A.; Nixon, 81098 R.; Oxley, 82109 E. HIGHLAND L.I.—Paterson, 83210 J.; Quigley, 84321 G.; Reid, 85432 F. SEAFORTH HIGHRS.—Sinclair, 86543 W.; Tait, 87654 T.; Urquhart, 88765 H. GORDON HIGHRS.—Watt, 89876 J.; Anderson, 90987 A.; Bruce, 91098 R.; Cruickshank, 92109 E. CAMERON HIGHRS.—Davidson, 93210 J.; Fraser, 94321 G.; Grant, 95432 F. R. IRISH RIFLES.—Hamill, 96543 W.; Irvine, 97654 T.; Johnston, 98765 H.; Kelly, 99876 J. R. IRISH FUS.—Lennon, 10987 A.; McCann, 11098 R.; Nolan, 12109 E. CONNAUGHT RANGERS.—O'Neill, 13210 J.; Power, 14321 G. ARGYLL AND SUTHERLAND HIGHRS.—Ross, 15432 F.; Stewart, 16543 W.; Thomson, 17654 T. LEINSTER R.—Walsh, 18765 H.; Byrne, 19876 J. R. MUNSTER FUS.—Connell, 20987 A.; Daly, 21098 R. R. DUBLIN FUS.—Egan, 22109 E.; Flood, 23210 J.; Gorman, 24321 G. RIFLE BRIGADE.—Hoare, 25432 F.; Ives, 26543 W.; Jupp, 27654 T.; Kimber, 28765 H.; Lusty, 29876 J.
CORRECTIONS.
SECOND LIST.
KILLED.
R.F.A.—Ball, 30987 Gnr. A.; Cates, 31098 Dvr. R. R.E.—Dann, 32109 Spr. E. ROYAL SCOTS.—Elder, 33210 J. QUEEN'S.—Field, 34321 G.; Gates, 35432 F. LINCOLNSHIRE R.—Hobbs, 36543 W. WEST YORKSHIRE R.—Ingle, 37654 T.
DIED OF WOUNDS.
DIED.
WOUNDED.
R.F.A.—Abell, 38765 Gnr. H.; Bartram, 39876 Gnr. J.; Chilvers, 40987 Dvr. A.; Dack, 41098 Gnr. R.; Eke, 42109 Bdr. E.; Frost, 43210 Gnr. J.; Gedge, 44321 Gnr. G.; Howlett, 45432 Dvr. F.; Ives, 46543 Gnr. W.; Jermy, 47654 Gnr. T.; Kett, 48765 Sgt. H.; Loades, 49876 Gnr. J.; Mann, 50987 Gnr. A. R.G.A.—Nobbs, 51098 Gnr. R.; Oakes, 52109 Gnr. E. R.E.—Pegg, 53210 Spr. J.; Quantrill, 54321 Spr. G. GRENADIER GUARDS.—Rix, 55432 F.; Sayer, 56543 W. COLDSTREAM GUARDS.—Thrower, 57654 T.; Utting, 58765 H. ROYAL SCOTS.—Vincent, 59876 J.; Wace, 60987 A. QUEEN'S.—Youngs, 61098 R.; Alden, 62109 E. BUFFS.—Brett, 63210 J.; Cossey, 64321 G. KING'S OWN.—Dix, 65432 F.; Eagle, 66543 W. NORTHUMBERLAND FUS.—Fiddy, 67654 T.; Gowing, 68765 H.; Harvey, 69876 J.; Jarrold, 70987 A. R. WARWICKSHIRE R.—Kerrison, 71098 R.; Lake, 72109 E. ROYAL FUS.—Moy, 73210 J.; Neave, 74321 G.; Osborne, 75432 F. KING'S (L'POOL R.).—Pank, 76543 W.; Reeve, 77654 T. NORFOLK R.—Stannard, 78765 H.; Tuck, 79876 J.; Upcraft, 80987 A. LINCOLNSHIRE R.—Vail, 81098 R.; Wells, 82109 E. DEVONSHIRE R.—Attwood, 83210 J.; Bugg, 84321 G. SUFFOLK R.—Catchpole, 85432 F.; Dunnett, 86543 W. SOMERSET L.I.—Everett, 87654 T.; Flatman, 88765 H. W. YORKSHIRE R.—Gooch, 89876 J.; Hunt, 90987 A. E. YORKSHIRE R.—Ives, 91098 R.; Jay, 92109 E. BEDFORDSHIRE R.—Kemp, 93210 J.; Last, 94321 G. LEICESTERSHIRE R.—Mayes, 95432 F.; Nunn, 96543 W. R. IRISH R.—Orford, 97654 T.; Platten, 98765 H. YORKSHIRE R.—Ransome, 99876 J.; Seaman, 10987 A. LANCASHIRE FUS.—Thurston, 11098 R.; Underwood, 12109 E.; Vine, 13210 J. R. SCOTS FUS.—Warnes, 14321 G.; Yallop, 15432 F. CHESHIRE R.—Alger, 16543 W.; Blyth, 17654 T. R. WELSH FUS.—Cubitt, 18765 H.; Durrant, 19876 J. S. WALES BORDERERS.—Elvin, 20987 A.; Fisk, 21098 R. K.O.S.B.—Gotts, 22109 E.; Hewitt, 23210 J.
S. SUSSEX R.—Baldock, 1883 W. A.; Cocket, 3288 A.; Gander, 3927 T.; Hurst, 4123 J.; Isted, 4567 W.; Jupp, 5012 G.; Knight, 5456 H.; Langridge, 5890 T.; Moon, 6234 A.; Newnham, 6678 F.; Pelling, 7012 J.; Ripley, 7456 W.; Stenning, 7890 T.; Tulley, 8234 H.; Upton, 8678 J.; Verrall, 9012 A. HAMPSHIRE R.—Aldridge, 9456 R.; Blake, 9890 E.; Chalk, 10234 J.; Drew, 10678 G.; Elkins, 11012 F.; Fay, 11456 W.; Gale, 11890 T.; Hoare, 12234 H. S. STAFFS R.—Insley, 12678 J.; Jukes, 13012 A.; Kendrick, 13456 R.; Lowe, 13890 E. DORSET R.—Mullins, 14234 J.; Norris, 14678 G.; Oborne, 15012 F. S. LANCS R.—Parr, 15456 W.; Rimmer, 15890 T.; Swift, 16234 H. WELSH R.—Thomas, 16678 J.; Vaughan, 17012 A.; Williams, 17456 R.; Watkins, 17890 E. BLACK WATCH.—Adamson, 18234 J.; Brown, 18678 G.; Crichton, 19012 F. OXF. AND BUCKS L.I.—Dunn, 19456 W.; Eeles, 19890 T.; Franklin, 20234 H. ESSEX R.—Gladwin, 20678 J.; Hart, 21012 A.; Ives, 21456 R. SHERWOOD FORESTERS.—Jepson, 21890 E.; Kirk, 22234 J.; Limb, 22678 G. LOYAL N. LANC. R.—Marsden, 23012 F.; Nelson, 23456 W. NORTHAMPTON R.—Oakley, 23890 T.; Pell, 24234 H. R. BERKS R.—Quarterman, 24678 J.; Rivers, 25012 A. R. W. KENT R.—Sands, 25456 R.; Tester, 25890 E. K.O.Y.L.I.—Umpleby, 26234 J.; Varley, 26678 G. K.S.L.I.—Wellings, 27012 F.; Yapp, 27456 W. MIDDLESEX R.—Ayres, 27890 T.; Bolton, 28234 H.; Corney, 28678 J. K.R.R.C.—Dowling, 29012 A.; Edmonds, 29456 R. WILTS R.—Fry, 29890 E.; Gingell, 30234 J. MANCHESTER R.—Hulme, 30678 G.; Irlam, 31012 F. N. STAFFS R.—Jervis, 31456 W.; Knight, 31890 T. Y. AND L. R.—Lomas, 32234 H.; Marples, 32678 J. DURHAM L.I.—Nattrass, 33012 A.; Oyston, 33456 R. HIGHLAND L.I.—Pollock, 33890 E.; Quin, 34234 J. SEAFORTH HIGHRS.—Rose, 34678 G.; Sutherland, 35012 F. GORDON HIGHRS.—Taylor, 35456 W.; Walker, 35890 T. CAMERON HIGHRS.—Cameron, 36234 H.; Macdonald, 36678 J. R. IRISH RIFLES.—McBride, 37012 A.; McKee, 37456 R. R. IRISH FUS.—Magee, 37890 E.; Quinn, 38234 J. CONNAUGHT RANGERS.—Regan, 38678 G.; Sheridan, 39012 F. ARGYLL AND SUTH. HIGHRS.—Tennant, 39456 W.; Wilson, 39890 T.
AUSTRALIAN CASUALTIES.
Australian Imperial Force. All privates unless otherwise shown :—
KILLED.
AUSTRALIAN INFANTRY.—Anderson, 1234 J.; Barton, 2345 W.; Connolly, 3456 E.; Dawson, 4567 L.-Cpl. T.; Evans, 5678 F.; Fitzgerald, 6789 R.; Gibbs, 7890 J.; Harris, 8901 A. AUSTRALIAN ARTILLERY.—Irvine, 9012 Gnr. W.; Jones, 1023 Gnr. H. AUSTRALIAN ENGINEERS.—Kelly, 2134 Spr. M.
DIED OF WOUNDS.
AUSTRALIAN INFANTRY.—Lawson, 3245 G.; Murphy, 4356 D.
WOUNDED.
AUSTRALIAN INFANTRY.—Nolan, 5467 J.; O'Brien, 6578 P.; Parker, 7689 L.-Cpl. W.; Quinn, 8790 F.; Russell, 9801 E.; Smith, 1912 Sgt. C.; Thompson, 2023 R.; Underwood, 3134 J.; Vickers, 4245 A.; Walsh, 5356 T.; Young, 6467 H. AUSTRALIAN LIGHT HORSE.—Allan, 7578 Tpr. J.; Brown, 8689 Tpr. R. AUSTRALIAN ARTILLERY.—Cox, 9790 Gnr. E.; Dunn, 1801 Dvr. W.; Edwards, 2912 Gnr. G. AUSTRALIAN MACHINE GUN CORPS.—Fraser, 3023 L.-Cpl. D. AUSTRALIAN ENGINEERS.—Grant, 4134 Spr. F.
SOUTH AFRICAN FORCE.
S. African Expeditionary Force :—
S. AFRICAN INFANTRY.—Botha, 1212 J.; Cronje, 2323 P.; De Villiers, 3434 W.; Erasmus, 4545 H.; Fourie, 5656 A.; Greyling, 6767 C.; Hugo, 7878 L.-Cpl. D. S. AFRICAN ARTILLERY.—Joubert, 8989 Gnr. S.; Kruger, 9090 Gnr. T. S. AFRICAN MEDICAL CORPS.—Louw, 1101 Pte. M. S. AFRICAN HORSE.—Marais, 2212 Tpr. R.; Nel, 3323 Tpr. G.
*,* Canadian losses will be found on page 15.
CARMELITE CHURCH, KENSINGTON.
The jubilee of the opening of the Carmelite Church, Kensington, was celebrated yesterday, when, in the presence of Cardinal Bourne and a crowded congregation, High Mass was sung by the Dominicans. The Right Rev. Mgr. Howlett, D.D., who preached, said that not only this country, but the Catholic Church also, had reached a crucial point in its history. They would find that the millions of our countrymen who had risked their lives for King and country would come back with a higher and nobler estimate of the Church. After the pontifical blessing, there was a procession in honour of Our Lady of Mount Carmel.
